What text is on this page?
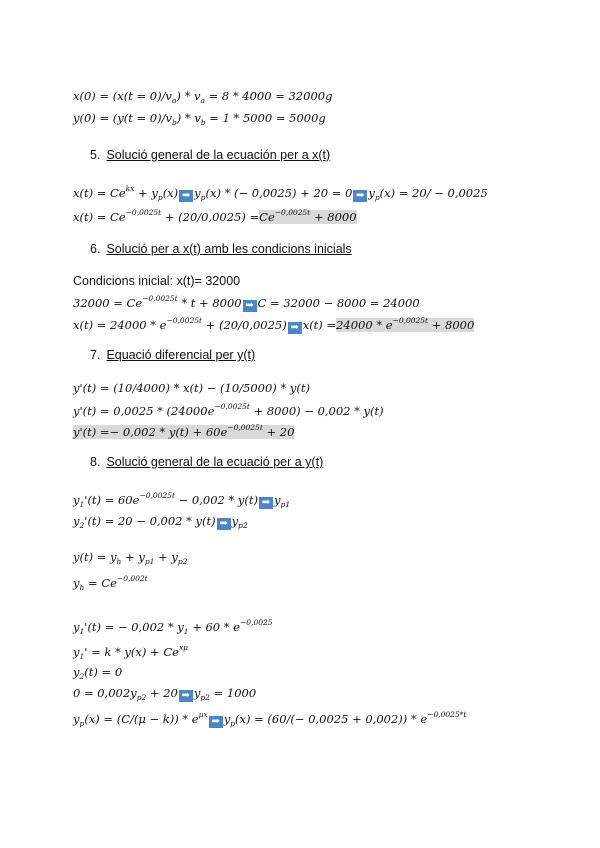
$x(0) = (x(t = 0)/v_a) * v_a = 8 * 4000 = 32000g$
$y(0) = (y(t = 0)/v_b) * v_b = 1 * 5000 = 5000g$
5. Solució general de la ecuación per a x(t)
$x(t) = Ce^{kx} + y_p(x)$ ➡ $y_p(x)$ * (− 0,0025) + 20 = 0 ➡ $y_p(x) = 20/ - 0,0025$
$x(t) = Ce^{-0,0025t} + (20/0,0025) =Ce^{-0,0025t} + 8000$
6. Solució per a x(t) amb les condicions inicials
Condicions inicial: x(t)= 32000
$32000 = Ce^{-0,0025t} * t + 8000$ ➡ C = 32000 − 8000 = 24000
$x(t) = 24000 * e^{-0,0025t} + (20/0,0025)$ ➡ $x(t) =24000 * e^{-0,0025t} + 8000$
7. Equació diferencial per y(t)
y'(t) = (10/4000) * x(t) − (10/5000) * y(t)
$y'(t) = 0,0025 * (24000e^{-0,0025t} + 8000) - 0,002 * y(t)$
$y'(t) =- 0,002 * y(t) + 60e^{-0,0025t} + 20$
8. Solució general de la ecuació per a y(t)
$y_1'(t) = 60e^{-0,0025t} - 0,002 * y(t)$ ➡ $y_{p1}$
$y_2'(t) = 20 - 0,002 * y(t)$ ➡ $y_{p2}$
$y(t) = y_h + y_{p1} + y_{p2}$
$y_h = Ce^{-0,002t}$
$y_1'(t)$ = − $0,002 * y_1 + 60 * e^{-0,0025}$
$y_1' = k * y(x) + Ce^{x\mu}$
$y_2(t) = 0$
$0 = 0,002y_{p2} + 20$ ➡ $y_{p2} = 1000$
$y_p(x) = (C/(\mu - k))$ * $e^{\mu x}➡$ $y_p(x) = (60/(- 0,0025 + 0,002)) * e^{-0,0025*t}$
